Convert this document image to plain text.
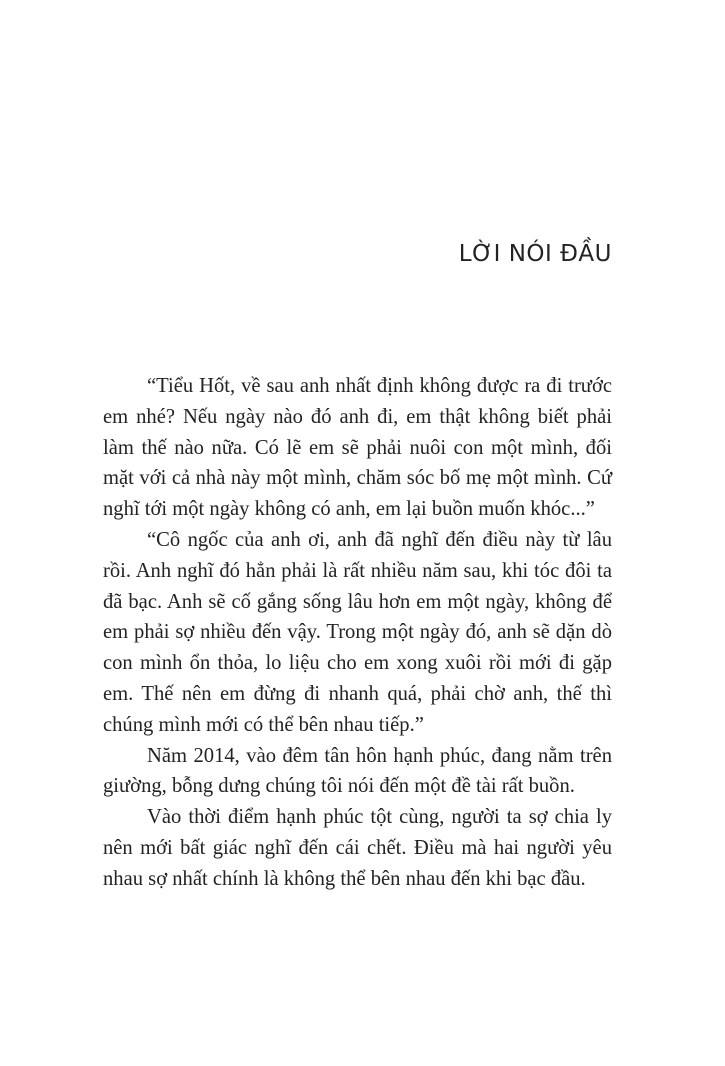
LỜI NÓI ĐẦU

“Tiểu Hốt, về sau anh nhất định không được ra đi trước em nhé? Nếu ngày nào đó anh đi, em thật không biết phải làm thế nào nữa. Có lẽ em sẽ phải nuôi con một mình, đối mặt với cả nhà này một mình, chăm sóc bố mẹ một mình. Cứ nghĩ tới một ngày không có anh, em lại buồn muốn khóc...”

“Cô ngốc của anh ơi, anh đã nghĩ đến điều này từ lâu rồi. Anh nghĩ đó hẳn phải là rất nhiều năm sau, khi tóc đôi ta đã bạc. Anh sẽ cố gắng sống lâu hơn em một ngày, không để em phải sợ nhiều đến vậy. Trong một ngày đó, anh sẽ dặn dò con mình ổn thỏa, lo liệu cho em xong xuôi rồi mới đi gặp em. Thế nên em đừng đi nhanh quá, phải chờ anh, thế thì chúng mình mới có thể bên nhau tiếp.”

Năm 2014, vào đêm tân hôn hạnh phúc, đang nằm trên giường, bỗng dưng chúng tôi nói đến một đề tài rất buồn.

Vào thời điểm hạnh phúc tột cùng, người ta sợ chia ly nên mới bất giác nghĩ đến cái chết. Điều mà hai người yêu nhau sợ nhất chính là không thể bên nhau đến khi bạc đầu.
